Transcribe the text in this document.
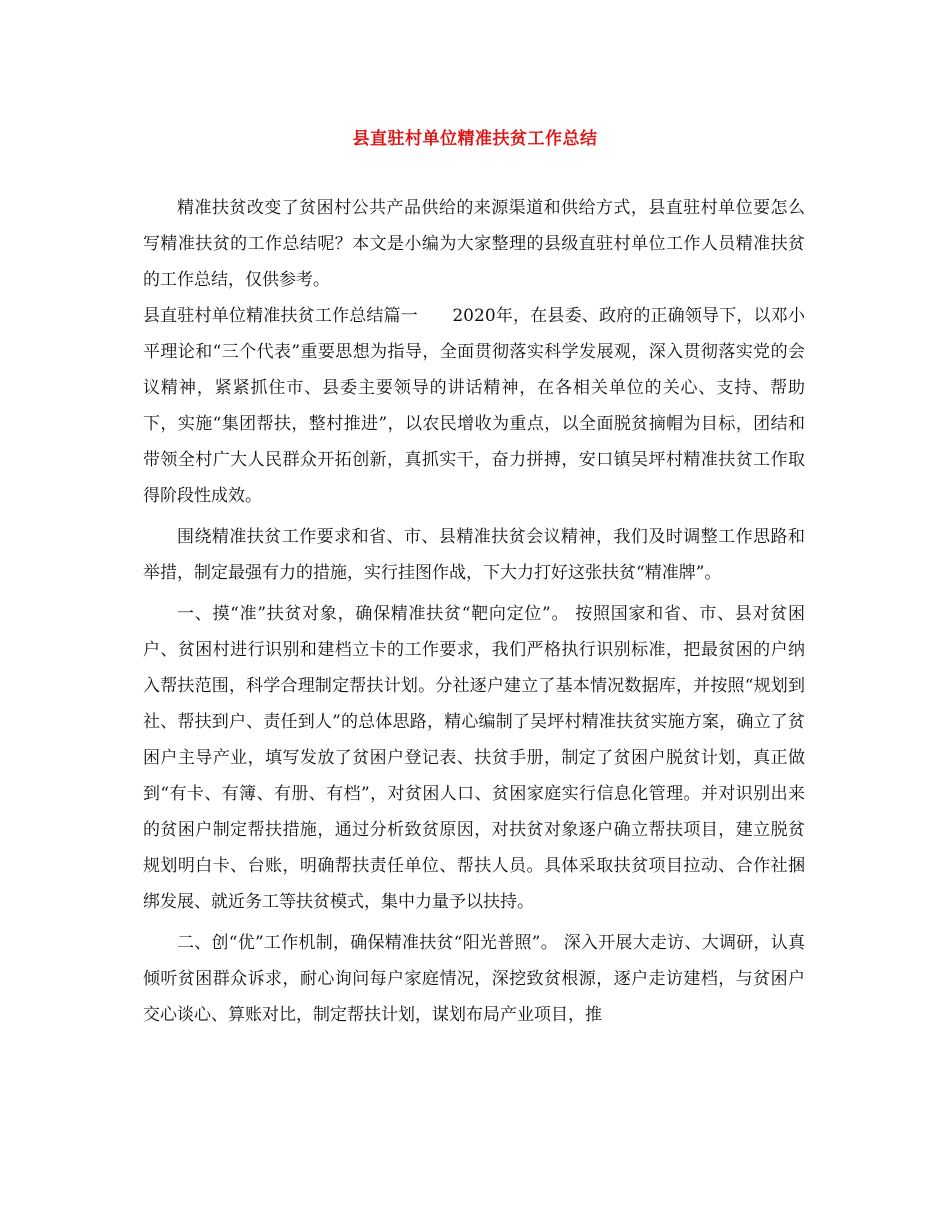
县直驻村单位精准扶贫工作总结

精准扶贫改变了贫困村公共产品供给的来源渠道和供给方式，县直驻村单位要怎么写精准扶贫的工作总结呢？本文是小编为大家整理的县级直驻村单位工作人员精准扶贫的工作总结，仅供参考。

县直驻村单位精准扶贫工作总结篇一　　2020年，在县委、政府的正确领导下，以邓小平理论和“三个代表”重要思想为指导，全面贯彻落实科学发展观，深入贯彻落实党的会议精神，紧紧抓住市、县委主要领导的讲话精神，在各相关单位的关心、支持、帮助下，实施“集团帮扶，整村推进”，以农民增收为重点，以全面脱贫摘帽为目标，团结和带领全村广大人民群众开拓创新，真抓实干，奋力拼搏，安口镇吴坪村精准扶贫工作取得阶段性成效。

围绕精准扶贫工作要求和省、市、县精准扶贫会议精神，我们及时调整工作思路和举措，制定最强有力的措施，实行挂图作战，下大力打好这张扶贫“精准牌”。

一、摸“准”扶贫对象，确保精准扶贫“靶向定位”。 按照国家和省、市、县对贫困户、贫困村进行识别和建档立卡的工作要求，我们严格执行识别标准，把最贫困的户纳入帮扶范围，科学合理制定帮扶计划。分社逐户建立了基本情况数据库，并按照“规划到社、帮扶到户、责任到人”的总体思路，精心编制了吴坪村精准扶贫实施方案，确立了贫困户主导产业，填写发放了贫困户登记表、扶贫手册，制定了贫困户脱贫计划，真正做到“有卡、有簿、有册、有档”，对贫困人口、贫困家庭实行信息化管理。并对识别出来的贫困户制定帮扶措施，通过分析致贫原因，对扶贫对象逐户确立帮扶项目，建立脱贫规划明白卡、台账，明确帮扶责任单位、帮扶人员。具体采取扶贫项目拉动、合作社捆绑发展、就近务工等扶贫模式，集中力量予以扶持。

二、创“优”工作机制，确保精准扶贫“阳光普照”。 深入开展大走访、大调研，认真倾听贫困群众诉求，耐心询问每户家庭情况，深挖致贫根源，逐户走访建档，与贫困户交心谈心、算账对比，制定帮扶计划，谋划布局产业项目，推
